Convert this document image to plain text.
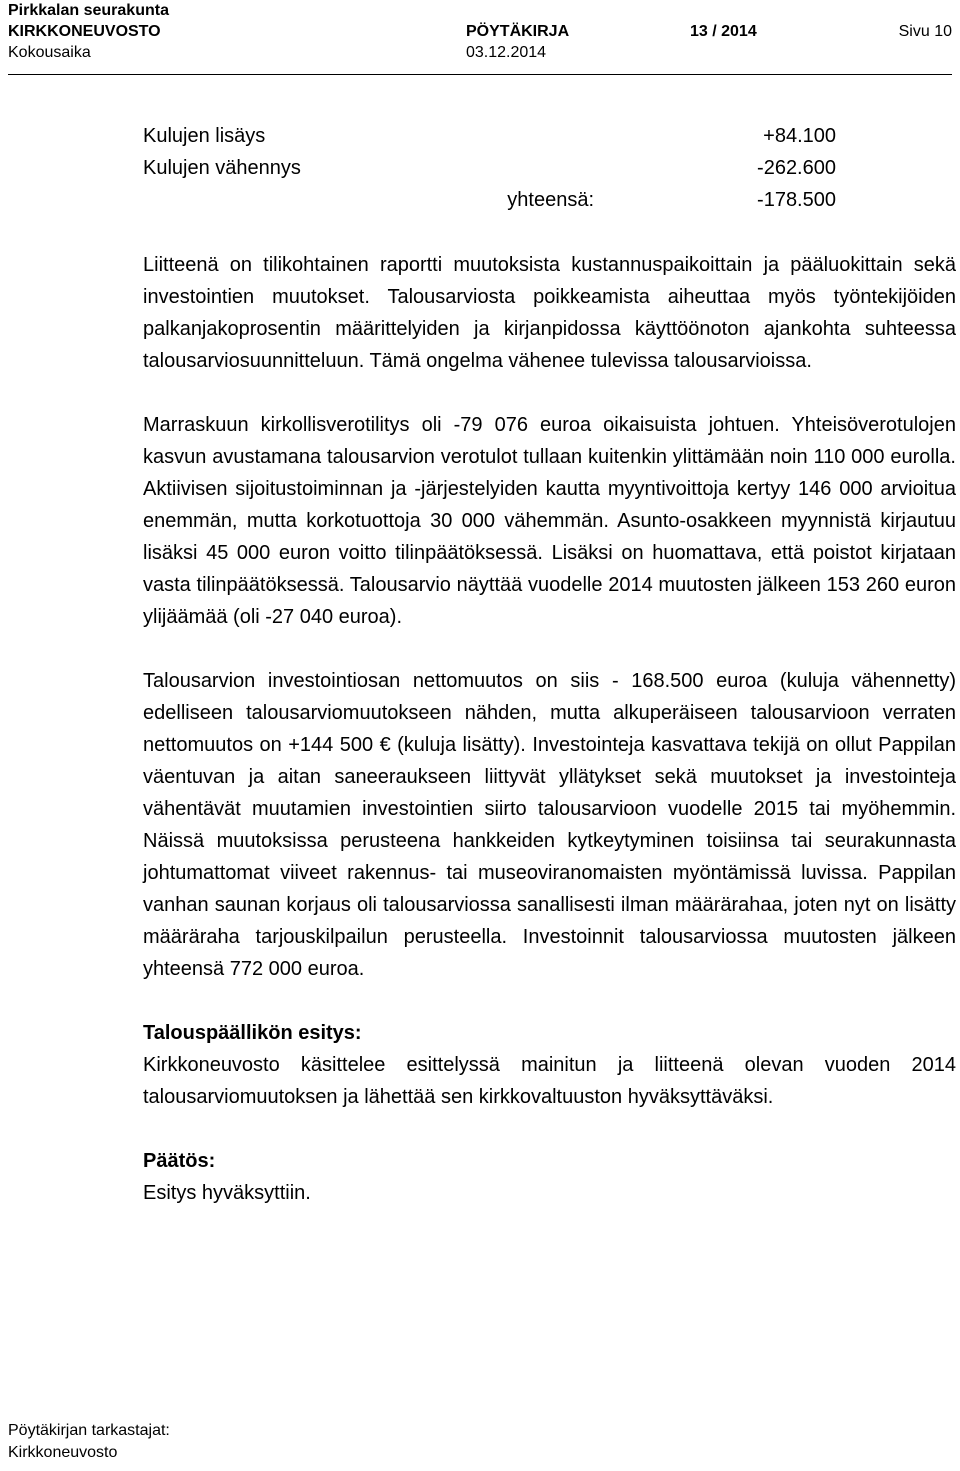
Pirkkalan seurakunta
KIRKKONEUVOSTO	PÖYTÄKIRJA	13 / 2014	Sivu 10
Kokousaika	03.12.2014
Kulujen lisäys	+84.100
Kulujen vähennys	-262.600
yhteensä:	-178.500

Liitteenä on tilikohtainen raportti muutoksista kustannuspaikoittain ja pääluokittain sekä investointien muutokset. Talousarviosta poikkeamista aiheuttaa myös työntekijöiden palkanjakoprosentin määrittelyiden ja kirjanpidossa käyttöönoton ajankohta suhteessa talousarviosuunnitteluun. Tämä ongelma vähenee tulevissa talousarvioissa.

Marraskuun kirkollisverotilitys oli -79 076 euroa oikaisuista johtuen. Yhteisöverotulojen kasvun avustamana talousarvion verotulot tullaan kuitenkin ylittämään noin 110 000 eurolla. Aktiivisen sijoitustoiminnan ja -järjestelyiden kautta myyntivoittoja kertyy 146 000 arvioitua enemmän, mutta korkotuottoja 30 000 vähemmän. Asunto-osakkeen myynnistä kirjautuu lisäksi 45 000 euron voitto tilinpäätöksessä. Lisäksi on huomattava, että poistot kirjataan vasta tilinpäätöksessä. Talousarvio näyttää vuodelle 2014 muutosten jälkeen 153 260 euron ylijäämää (oli -27 040 euroa).

Talousarvion investointiosan nettomuutos on siis - 168.500 euroa (kuluja vähennetty) edelliseen talousarviomuutokseen nähden, mutta alkuperäiseen talousarvioon verraten nettomuutos on +144 500 € (kuluja lisätty). Investointeja kasvattava tekijä on ollut Pappilan väentuvan ja aitan saneeraukseen liittyvät yllätykset sekä muutokset ja investointeja vähentävät muutamien investointien siirto talousarvioon vuodelle 2015 tai myöhemmin. Näissä muutoksissa perusteena hankkeiden kytkeytyminen toisiinsa tai seurakunnasta johtumattomat viiveet rakennus- tai museoviranomaisten myöntämissä luvissa. Pappilan vanhan saunan korjaus oli talousarviossa sanallisesti ilman määrärahaa, joten nyt on lisätty määräraha tarjouskilpailun perusteella. Investoinnit talousarviossa muutosten jälkeen yhteensä 772 000 euroa.

Talouspäällikön esitys:

Kirkkoneuvosto käsittelee esittelyssä mainitun ja liitteenä olevan vuoden 2014 talousarviomuutoksen ja lähettää sen kirkkovaltuuston hyväksyttäväksi.

Päätös:

Esitys hyväksyttiin.

Pöytäkirjan tarkastajat:
Kirkkoneuvosto
